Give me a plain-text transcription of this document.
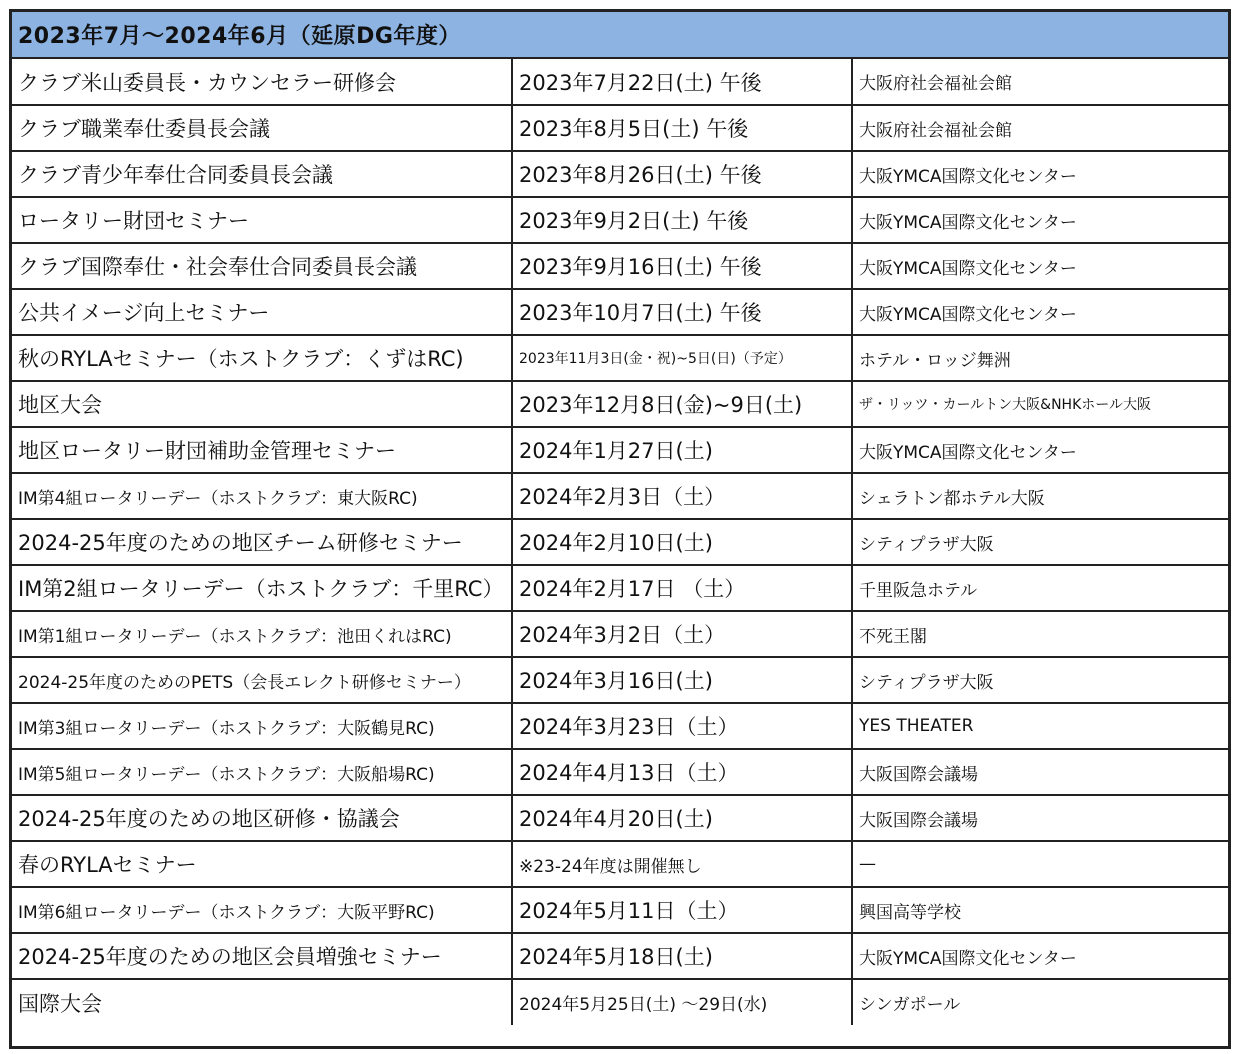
2023年7月～2024年6月（延原DG年度）
クラブ米山委員長・カウンセラー研修会	2023年7月22日(土) 午後	大阪府社会福祉会館
クラブ職業奉仕委員長会議	2023年8月5日(土) 午後	大阪府社会福祉会館
クラブ青少年奉仕合同委員長会議	2023年8月26日(土) 午後	大阪YMCA国際文化センター
ロータリー財団セミナー	2023年9月2日(土) 午後	大阪YMCA国際文化センター
クラブ国際奉仕・社会奉仕合同委員長会議	2023年9月16日(土) 午後	大阪YMCA国際文化センター
公共イメージ向上セミナー	2023年10月7日(土) 午後	大阪YMCA国際文化センター
秋のRYLAセミナー（ホストクラブ：くずはRC)	2023年11月3日(金・祝)~5日(日)（予定）	ホテル・ロッジ舞洲
地区大会	2023年12月8日(金)~9日(土)	ザ・リッツ・カールトン大阪&NHKホール大阪
地区ロータリー財団補助金管理セミナー	2024年1月27日(土)	大阪YMCA国際文化センター
IM第4組ロータリーデー（ホストクラブ：東大阪RC)	2024年2月3日（土）	シェラトン都ホテル大阪
2024-25年度のための地区チーム研修セミナー	2024年2月10日(土)	シティプラザ大阪
IM第2組ロータリーデー（ホストクラブ：千里RC）	2024年2月17日 （土）	千里阪急ホテル
IM第1組ロータリーデー（ホストクラブ：池田くれはRC)	2024年3月2日（土）	不死王閣
2024-25年度のためのPETS（会長エレクト研修セミナー）	2024年3月16日(土)	シティプラザ大阪
IM第3組ロータリーデー（ホストクラブ：大阪鶴見RC)	2024年3月23日（土）	YES THEATER
IM第5組ロータリーデー（ホストクラブ：大阪船場RC)	2024年4月13日（土）	大阪国際会議場
2024-25年度のための地区研修・協議会	2024年4月20日(土)	大阪国際会議場
春のRYLAセミナー	※23-24年度は開催無し	—
IM第6組ロータリーデー（ホストクラブ：大阪平野RC)	2024年5月11日（土）	興国高等学校
2024-25年度のための地区会員増強セミナー	2024年5月18日(土)	大阪YMCA国際文化センター
国際大会	2024年5月25日(土) ～29日(水)	シンガポール
